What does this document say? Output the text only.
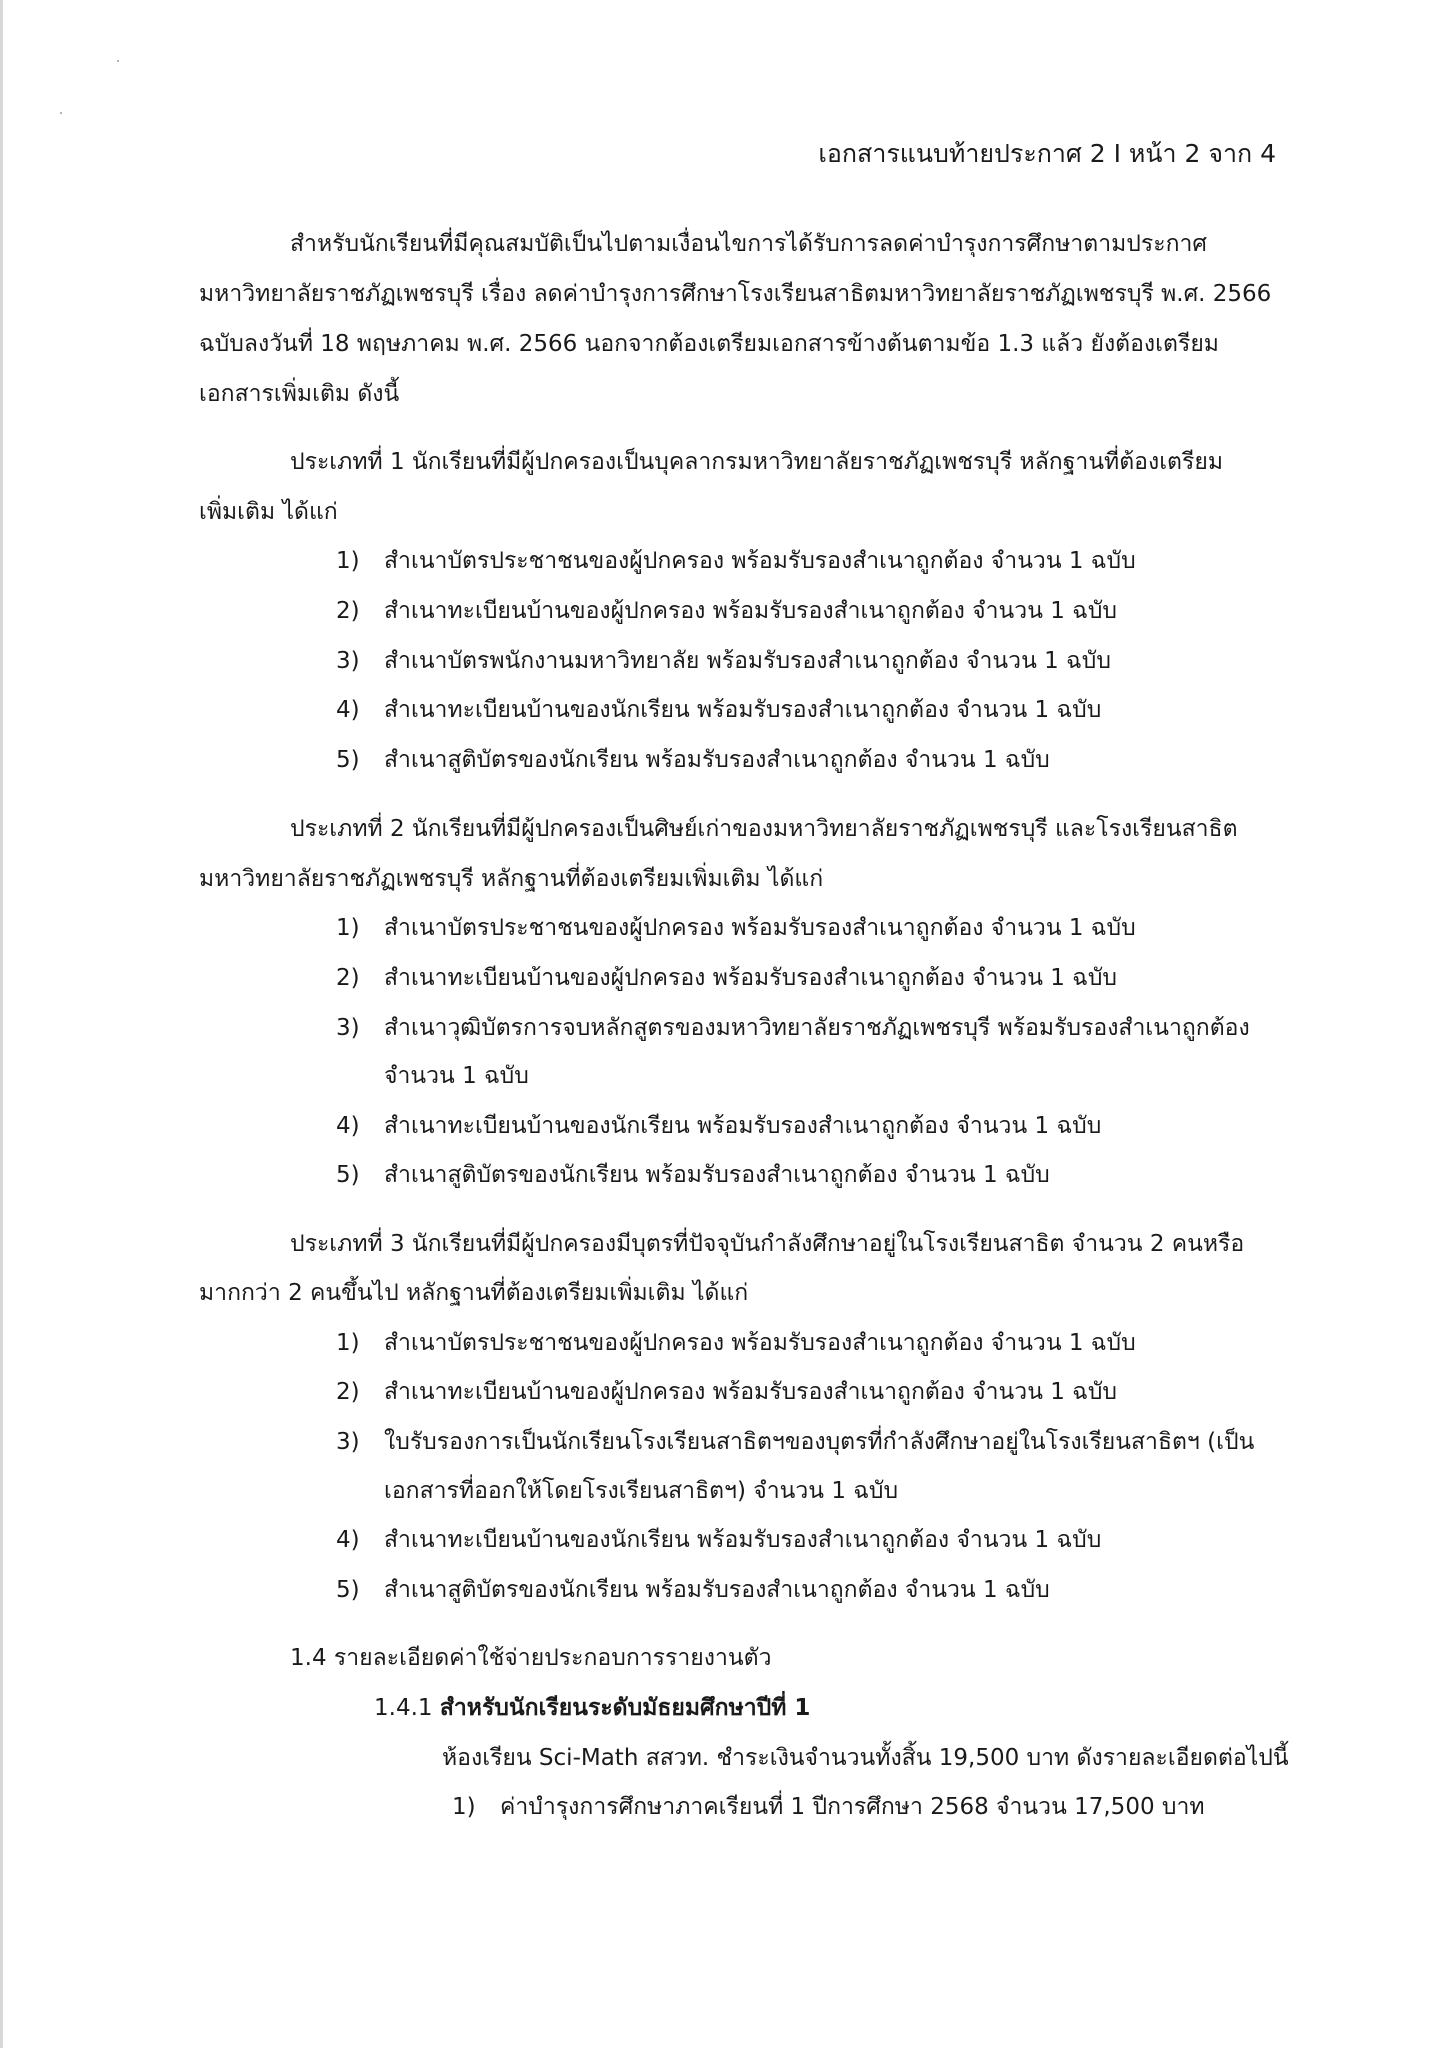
เอกสารแนบท้ายประกาศ 2 I หน้า 2 จาก 4
สำหรับนักเรียนที่มีคุณสมบัติเป็นไปตามเงื่อนไขการได้รับการลดค่าบำรุงการศึกษาตามประกาศ
มหาวิทยาลัยราชภัฏเพชรบุรี เรื่อง ลดค่าบำรุงการศึกษาโรงเรียนสาธิตมหาวิทยาลัยราชภัฏเพชรบุรี พ.ศ. 2566
ฉบับลงวันที่ 18 พฤษภาคม พ.ศ. 2566 นอกจากต้องเตรียมเอกสารข้างต้นตามข้อ 1.3 แล้ว ยังต้องเตรียม
เอกสารเพิ่มเติม ดังนี้
ประเภทที่ 1 นักเรียนที่มีผู้ปกครองเป็นบุคลากรมหาวิทยาลัยราชภัฏเพชรบุรี หลักฐานที่ต้องเตรียม
เพิ่มเติม ได้แก่
1) สำเนาบัตรประชาชนของผู้ปกครอง พร้อมรับรองสำเนาถูกต้อง จำนวน 1 ฉบับ
2) สำเนาทะเบียนบ้านของผู้ปกครอง พร้อมรับรองสำเนาถูกต้อง จำนวน 1 ฉบับ
3) สำเนาบัตรพนักงานมหาวิทยาลัย พร้อมรับรองสำเนาถูกต้อง จำนวน 1 ฉบับ
4) สำเนาทะเบียนบ้านของนักเรียน พร้อมรับรองสำเนาถูกต้อง จำนวน 1 ฉบับ
5) สำเนาสูติบัตรของนักเรียน พร้อมรับรองสำเนาถูกต้อง จำนวน 1 ฉบับ
ประเภทที่ 2 นักเรียนที่มีผู้ปกครองเป็นศิษย์เก่าของมหาวิทยาลัยราชภัฏเพชรบุรี และโรงเรียนสาธิต
มหาวิทยาลัยราชภัฏเพชรบุรี หลักฐานที่ต้องเตรียมเพิ่มเติม ได้แก่
1) สำเนาบัตรประชาชนของผู้ปกครอง พร้อมรับรองสำเนาถูกต้อง จำนวน 1 ฉบับ
2) สำเนาทะเบียนบ้านของผู้ปกครอง พร้อมรับรองสำเนาถูกต้อง จำนวน 1 ฉบับ
3) สำเนาวุฒิบัตรการจบหลักสูตรของมหาวิทยาลัยราชภัฏเพชรบุรี พร้อมรับรองสำเนาถูกต้อง
จำนวน 1 ฉบับ
4) สำเนาทะเบียนบ้านของนักเรียน พร้อมรับรองสำเนาถูกต้อง จำนวน 1 ฉบับ
5) สำเนาสูติบัตรของนักเรียน พร้อมรับรองสำเนาถูกต้อง จำนวน 1 ฉบับ
ประเภทที่ 3 นักเรียนที่มีผู้ปกครองมีบุตรที่ปัจจุบันกำลังศึกษาอยู่ในโรงเรียนสาธิต จำนวน 2 คนหรือ
มากกว่า 2 คนขึ้นไป หลักฐานที่ต้องเตรียมเพิ่มเติม ได้แก่
1) สำเนาบัตรประชาชนของผู้ปกครอง พร้อมรับรองสำเนาถูกต้อง จำนวน 1 ฉบับ
2) สำเนาทะเบียนบ้านของผู้ปกครอง พร้อมรับรองสำเนาถูกต้อง จำนวน 1 ฉบับ
3) ใบรับรองการเป็นนักเรียนโรงเรียนสาธิตฯของบุตรที่กำลังศึกษาอยู่ในโรงเรียนสาธิตฯ (เป็น
เอกสารที่ออกให้โดยโรงเรียนสาธิตฯ) จำนวน 1 ฉบับ
4) สำเนาทะเบียนบ้านของนักเรียน พร้อมรับรองสำเนาถูกต้อง จำนวน 1 ฉบับ
5) สำเนาสูติบัตรของนักเรียน พร้อมรับรองสำเนาถูกต้อง จำนวน 1 ฉบับ
1.4 รายละเอียดค่าใช้จ่ายประกอบการรายงานตัว
1.4.1 สำหรับนักเรียนระดับมัธยมศึกษาปีที่ 1
ห้องเรียน Sci-Math สสวท. ชำระเงินจำนวนทั้งสิ้น 19,500 บาท ดังรายละเอียดต่อไปนี้
1) ค่าบำรุงการศึกษาภาคเรียนที่ 1 ปีการศึกษา 2568 จำนวน 17,500 บาท
